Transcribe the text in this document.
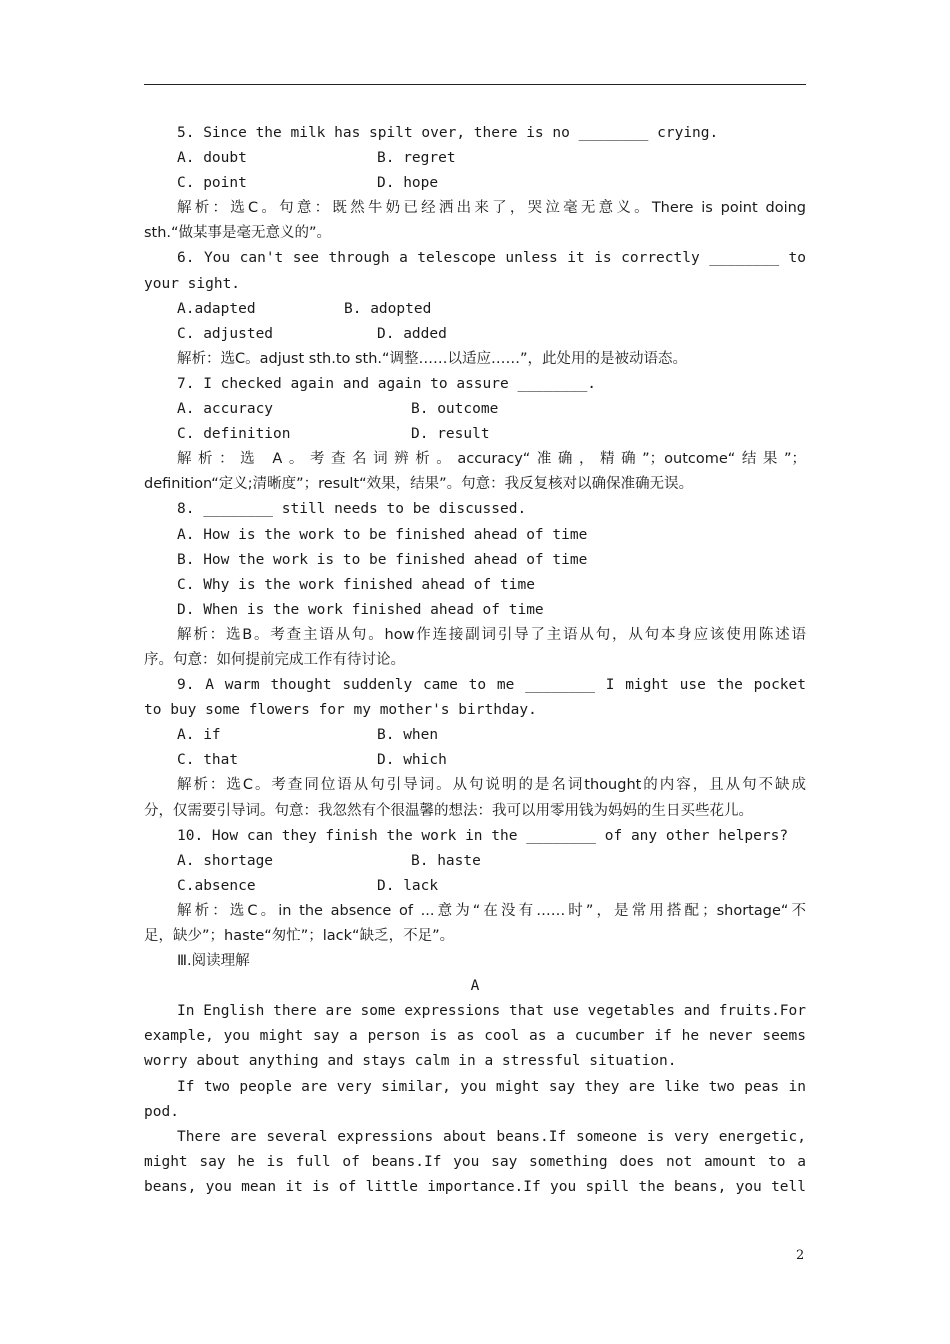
5. Since the milk has spilt over, there is no ________ crying.
A. doubt	B. regret
C. point	D. hope
解析：选C。句意：既然牛奶已经洒出来了，哭泣毫无意义。There is point doing
sth.“做某事是毫无意义的”。
6. You can't see through a telescope unless it is correctly ________ to
your sight.
A.adapted	B. adopted
C. adjusted	D. added
解析：选C。adjust sth.to sth.“调整……以适应……”，此处用的是被动语态。
7. I checked again and again to assure ________.
A. accuracy	B. outcome
C. definition	D. result
解析：选 A。考查名词辨析。accuracy“准确，精确”；outcome“结果”；
definition“定义;清晰度”；result“效果，结果”。句意：我反复核对以确保准确无误。
8. ________ still needs to be discussed.
A. How is the work to be finished ahead of time
B. How the work is to be finished ahead of time
C. Why is the work finished ahead of time
D. When is the work finished ahead of time
解析：选B。考查主语从句。how作连接副词引导了主语从句，从句本身应该使用陈述语
序。句意：如何提前完成工作有待讨论。
9. A warm thought suddenly came to me ________ I might use the pocket
to buy some flowers for my mother's birthday.
A. if	B. when
C. that	D. which
解析：选C。考查同位语从句引导词。从句说明的是名词thought的内容，且从句不缺成
分，仅需要引导词。句意：我忽然有个很温馨的想法：我可以用零用钱为妈妈的生日买些花儿。
10. How can they finish the work in the ________ of any other helpers?
A. shortage	B. haste
C.absence	D. lack
解析：选C。in the absence of ...意为“在没有……时”，是常用搭配；shortage“不
足，缺少”；haste“匆忙”；lack“缺乏，不足”。
Ⅲ.阅读理解
A
In English there are some expressions that use vegetables and fruits.For
example, you might say a person is as cool as a cucumber if he never seems
worry about anything and stays calm in a stressful situation.
If two people are very similar, you might say they are like two peas in
pod.
There are several expressions about beans.If someone is very energetic,
might say he is full of beans.If you say something does not amount to a
beans, you mean it is of little importance.If you spill the beans, you tell
2
